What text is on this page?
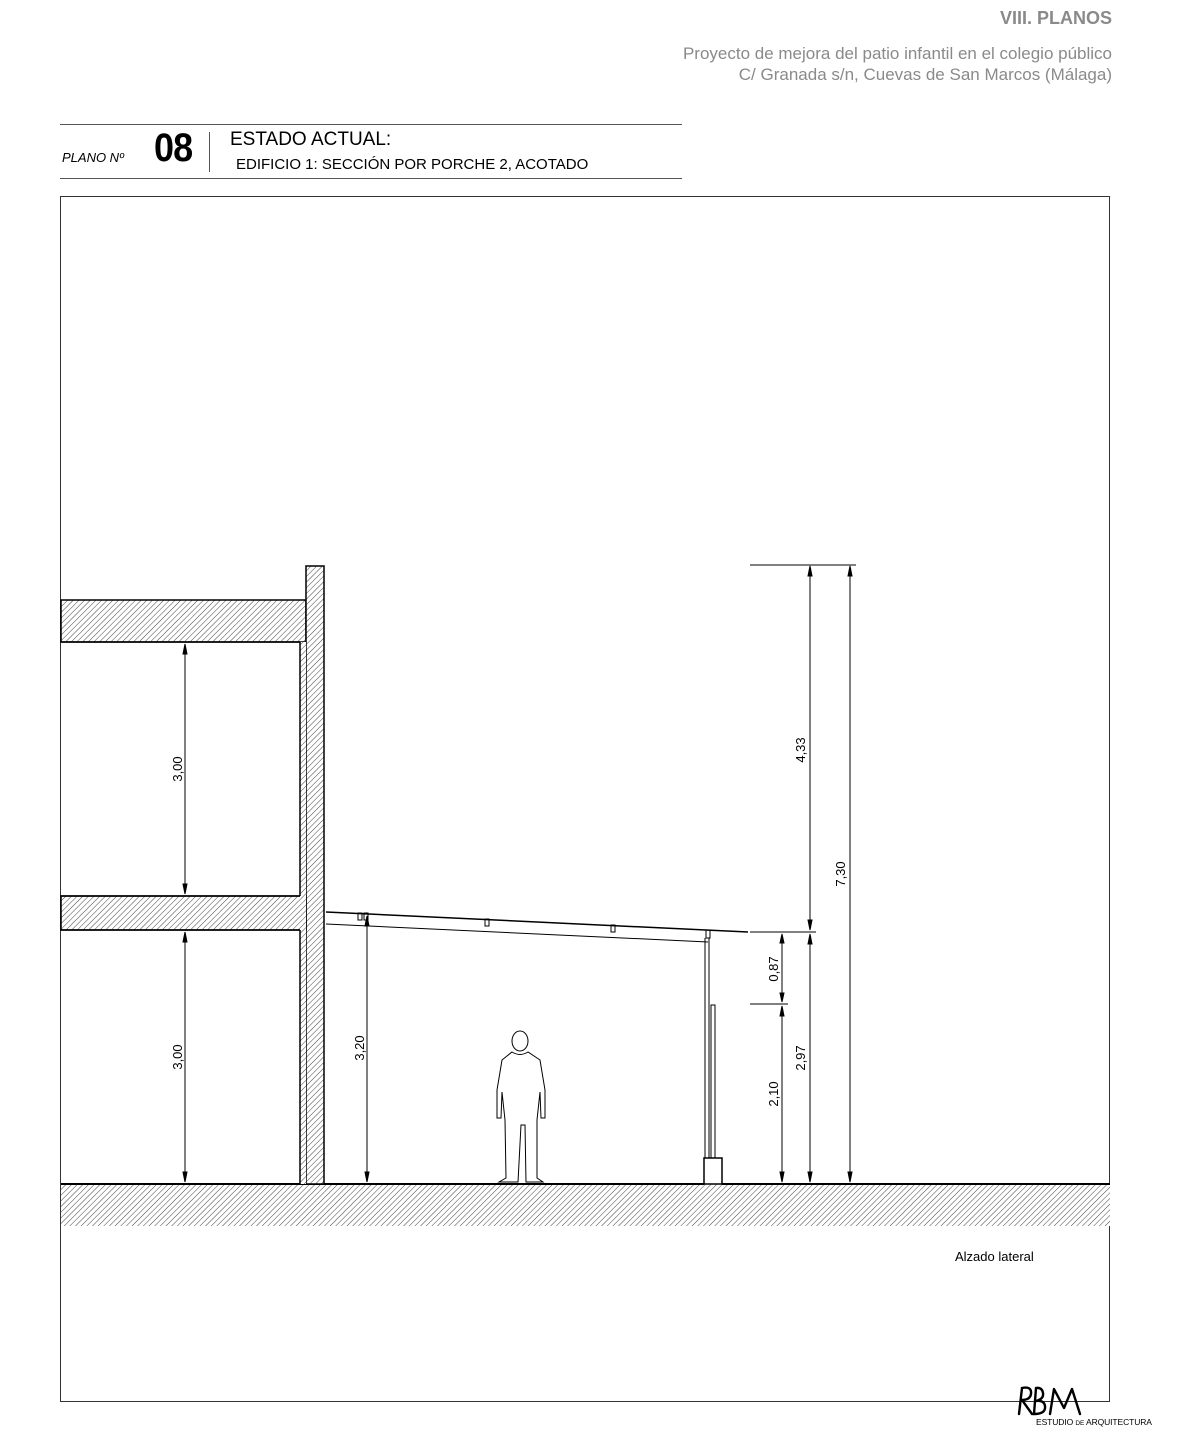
VIII. PLANOS
Proyecto de mejora del patio infantil en el colegio público
C/ Granada s/n, Cuevas de San Marcos (Málaga)
PLANO Nº 08 ESTADO ACTUAL:
EDIFICIO 1: SECCIÓN POR PORCHE 2, ACOTADO
3,00
3,00	3,20
4,33
7,30
0,87
2,10
2,97
Alzado lateral
ESTUDIO DE ARQUITECTURA
